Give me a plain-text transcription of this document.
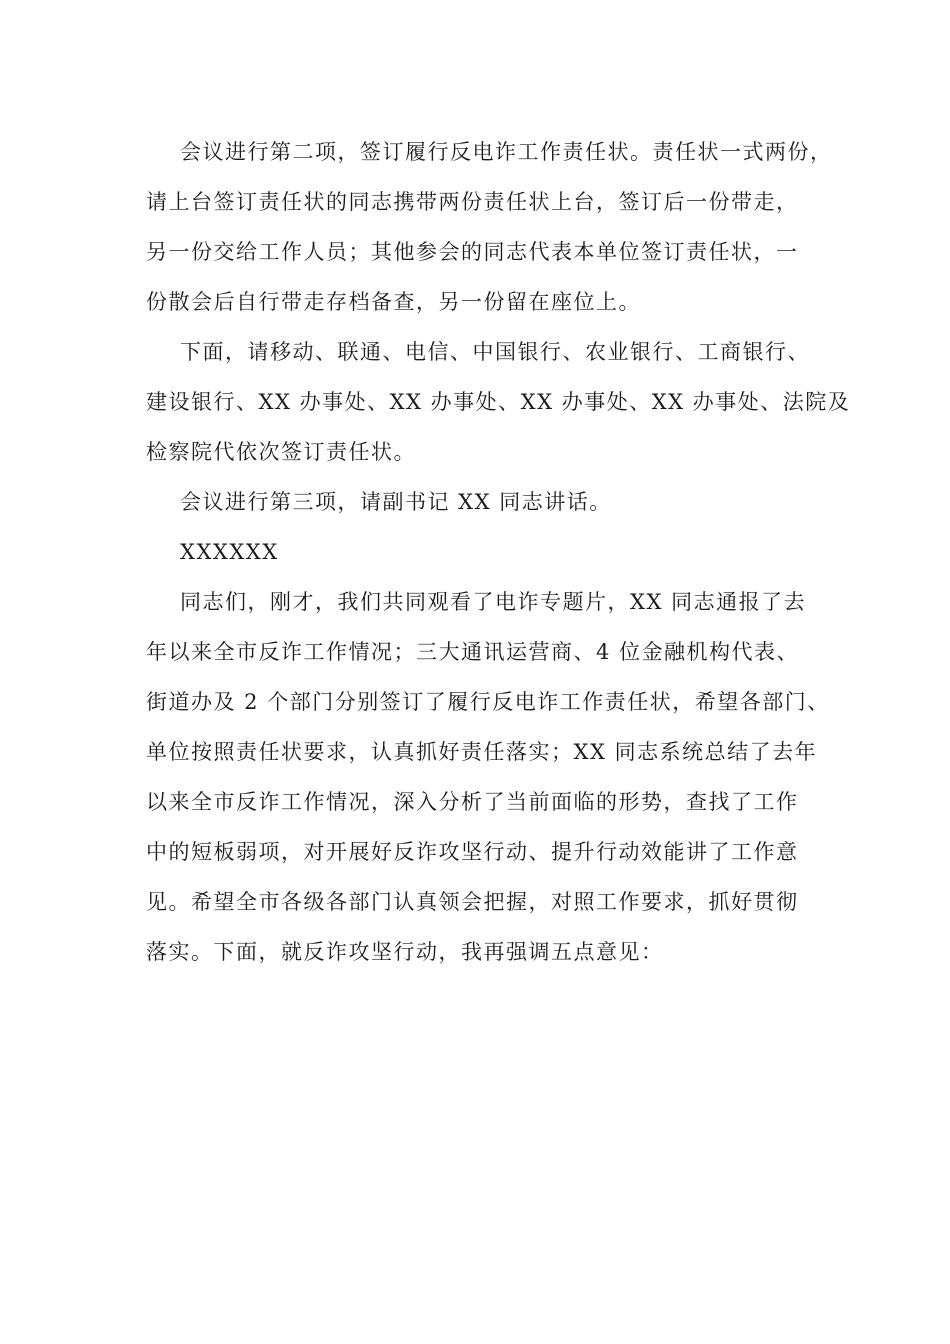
会议进行第二项，签订履行反电诈工作责任状。责任状一式两份，
请上台签订责任状的同志携带两份责任状上台，签订后一份带走，
另一份交给工作人员；其他参会的同志代表本单位签订责任状，一
份散会后自行带走存档备查，另一份留在座位上。
下面，请移动、联通、电信、中国银行、农业银行、工商银行、
建设银行、XX 办事处、XX 办事处、XX 办事处、XX 办事处、法院及
检察院代依次签订责任状。
会议进行第三项，请副书记 XX 同志讲话。
XXXXXX
同志们，刚才，我们共同观看了电诈专题片，XX 同志通报了去
年以来全市反诈工作情况；三大通讯运营商、4 位金融机构代表、
街道办及 2 个部门分别签订了履行反电诈工作责任状，希望各部门、
单位按照责任状要求，认真抓好责任落实；XX 同志系统总结了去年
以来全市反诈工作情况，深入分析了当前面临的形势，查找了工作
中的短板弱项，对开展好反诈攻坚行动、提升行动效能讲了工作意
见。希望全市各级各部门认真领会把握，对照工作要求，抓好贯彻
落实。下面，就反诈攻坚行动，我再强调五点意见：
